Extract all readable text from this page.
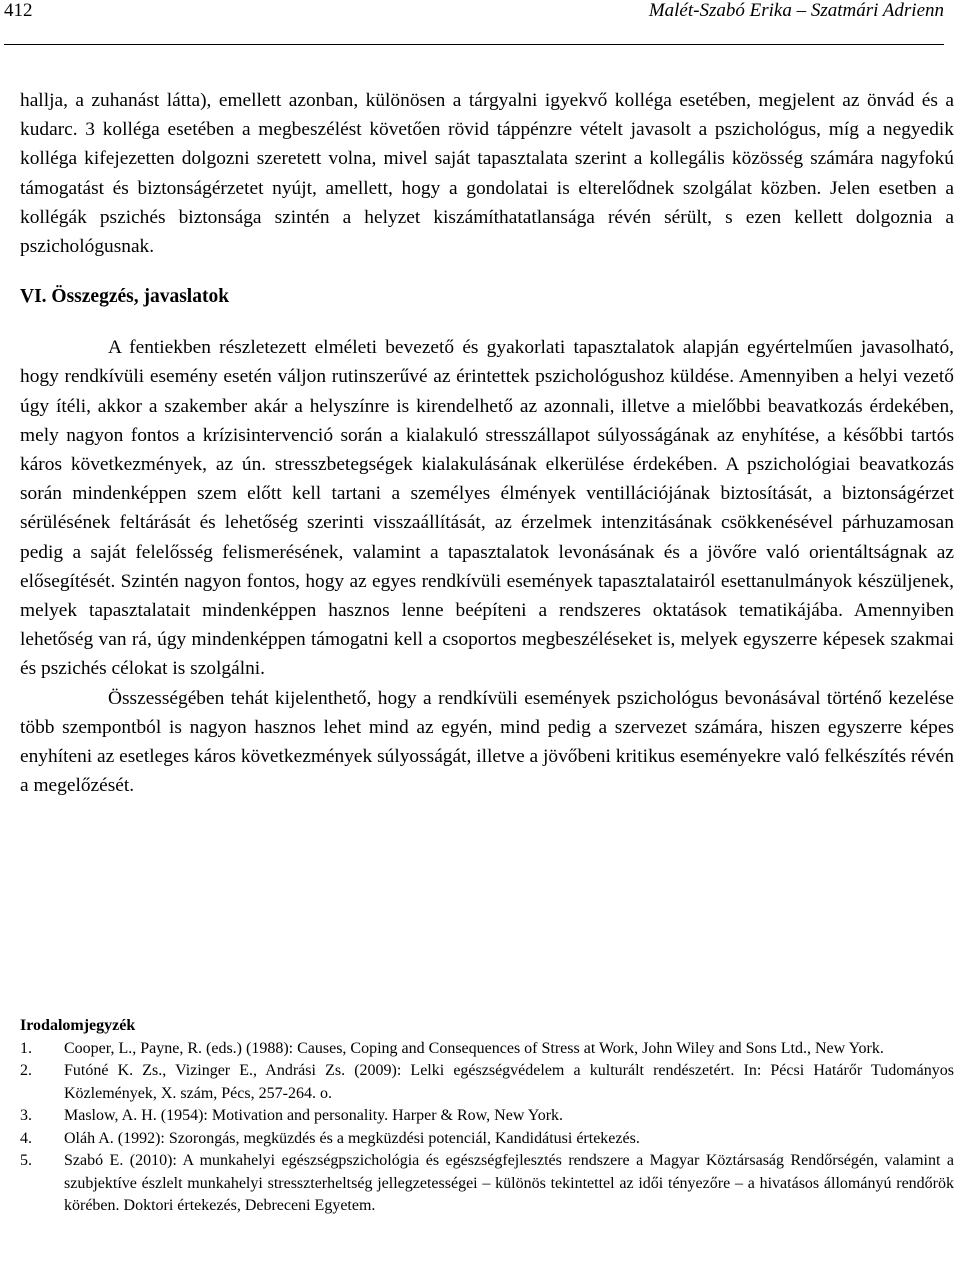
412	Malét-Szabó Erika – Szatmári Adrienn

hallja, a zuhanást látta), emellett azonban, különösen a tárgyalni igyekvő kolléga esetében, megjelent az önvád és a kudarc. 3 kolléga esetében a megbeszélést követően rövid táppénzre vételt javasolt a pszichológus, míg a negyedik kolléga kifejezetten dolgozni szeretett volna, mivel saját tapasztalata szerint a kollegális közösség számára nagyfokú támogatást és biztonságérzetet nyújt, amellett, hogy a gondolatai is elterelődnek szolgálat közben. Jelen esetben a kollégák pszichés biztonsága szintén a helyzet kiszámíthatatlansága révén sérült, s ezen kellett dolgoznia a pszichológusnak.

VI. Összegzés, javaslatok

A fentiekben részletezett elméleti bevezető és gyakorlati tapasztalatok alapján egyértelműen javasolható, hogy rendkívüli esemény esetén váljon rutinszerűvé az érintettek pszichológushoz küldése. Amennyiben a helyi vezető úgy ítéli, akkor a szakember akár a helyszínre is kirendelhető az azonnali, illetve a mielőbbi beavatkozás érdekében, mely nagyon fontos a krízisintervenció során a kialakuló stresszállapot súlyosságának az enyhítése, a későbbi tartós káros következmények, az ún. stresszbetegségek kialakulásának elkerülése érdekében. A pszichológiai beavatkozás során mindenképpen szem előtt kell tartani a személyes élmények ventillációjának biztosítását, a biztonságérzet sérülésének feltárását és lehetőség szerinti visszaállítását, az érzelmek intenzitásának csökkenésével párhuzamosan pedig a saját felelősség felismerésének, valamint a tapasztalatok levonásának és a jövőre való orientáltságnak az elősegítését. Szintén nagyon fontos, hogy az egyes rendkívüli események tapasztalatairól esettanulmányok készüljenek, melyek tapasztalatait mindenképpen hasznos lenne beépíteni a rendszeres oktatások tematikájába. Amennyiben lehetőség van rá, úgy mindenképpen támogatni kell a csoportos megbeszéléseket is, melyek egyszerre képesek szakmai és pszichés célokat is szolgálni.

Összességében tehát kijelenthető, hogy a rendkívüli események pszichológus bevonásával történő kezelése több szempontból is nagyon hasznos lehet mind az egyén, mind pedig a szervezet számára, hiszen egyszerre képes enyhíteni az esetleges káros következmények súlyosságát, illetve a jövőbeni kritikus eseményekre való felkészítés révén a megelőzését.

Irodalomjegyzék
1. Cooper, L., Payne, R. (eds.) (1988): Causes, Coping and Consequences of Stress at Work, John Wiley and Sons Ltd., New York.
2. Futóné K. Zs., Vizinger E., Andrási Zs. (2009): Lelki egészségvédelem a kulturált rendészetért. In: Pécsi Határőr Tudományos Közlemények, X. szám, Pécs, 257-264. o.
3. Maslow, A. H. (1954): Motivation and personality. Harper & Row, New York.
4. Oláh A. (1992): Szorongás, megküzdés és a megküzdési potenciál, Kandidátusi értekezés.
5. Szabó E. (2010): A munkahelyi egészségpszichológia és egészségfejlesztés rendszere a Magyar Köztársaság Rendőrségén, valamint a szubjektíve észlelt munkahelyi stresszterheltség jellegzetességei – különös tekintettel az idői tényezőre – a hivatásos állományú rendőrök körében. Doktori értekezés, Debreceni Egyetem.
